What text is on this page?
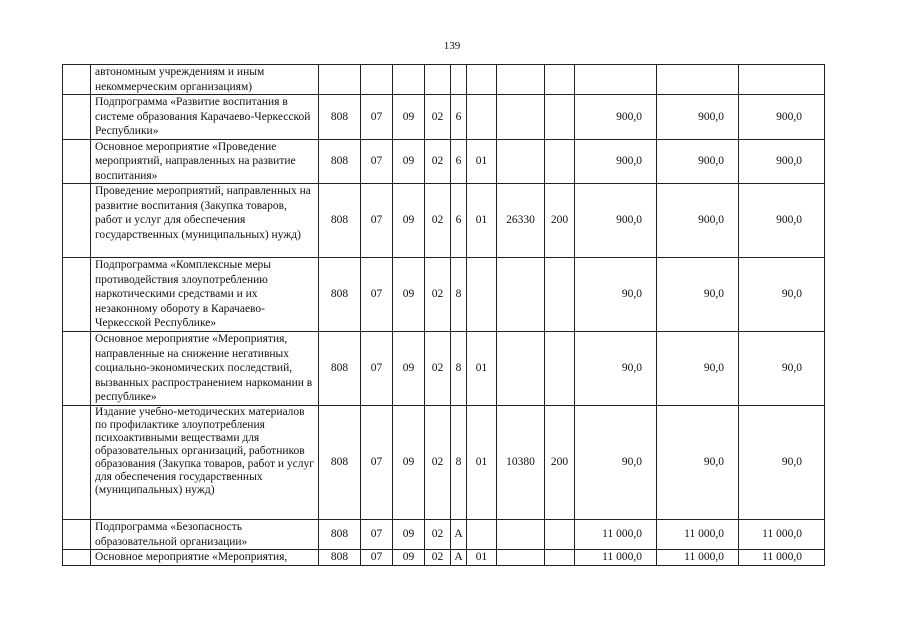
139
	автономным учреждениям и иным некоммерческим организациям)											
	Подпрограмма «Развитие воспитания в системе образования Карачаево-Черкесской Республики»	808	07	09	02	6				900,0	900,0	900,0
	Основное мероприятие «Проведение мероприятий, направленных на развитие воспитания»	808	07	09	02	6	01			900,0	900,0	900,0
	Проведение мероприятий, направленных на развитие воспитания (Закупка товаров, работ и услуг для обеспечения государственных (муниципальных) нужд)	808	07	09	02	6	01	26330	200	900,0	900,0	900,0
	Подпрограмма «Комплексные меры противодействия злоупотреблению наркотическими средствами и их незаконному обороту в Карачаево-Черкесской Республике»	808	07	09	02	8				90,0	90,0	90,0
	Основное мероприятие «Мероприятия, направленные на снижение негативных социально-экономических последствий, вызванных распространением наркомании в республике»	808	07	09	02	8	01			90,0	90,0	90,0
	Издание учебно-методических материалов по профилактике злоупотребления психоактивными веществами для образовательных организаций, работников образования (Закупка товаров, работ и услуг для обеспечения государственных (муниципальных) нужд)	808	07	09	02	8	01	10380	200	90,0	90,0	90,0
	Подпрограмма «Безопасность образовательной организации»	808	07	09	02	А				11 000,0	11 000,0	11 000,0
	Основное мероприятие «Мероприятия,	808	07	09	02	А	01			11 000,0	11 000,0	11 000,0
